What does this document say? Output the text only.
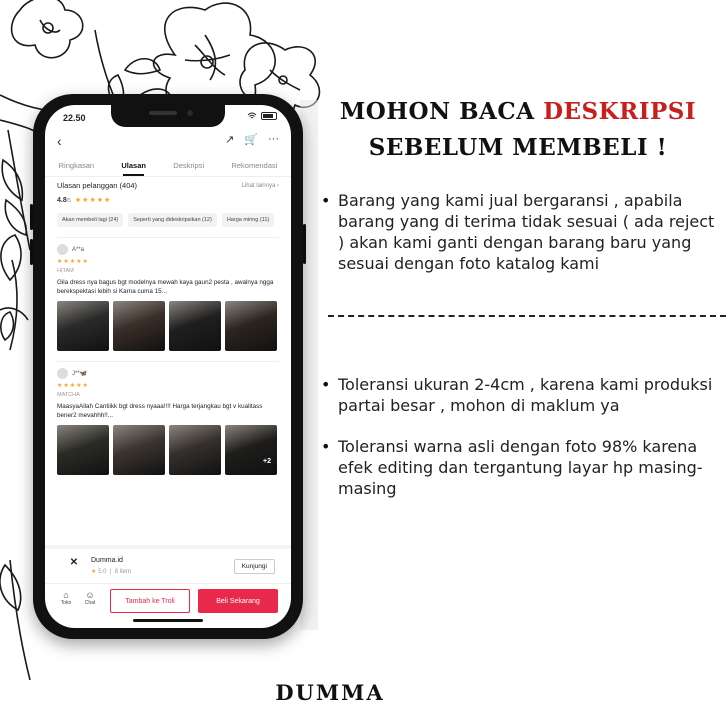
22.50
‹	↗ 🛒 ···
Ringkasan	Ulasan	Deskripsi	Rekomendasi
Ulasan pelanggan (404)	Lihat lainnya ›
4.8/5 ★★★★★
Akan membeli lagi (24)	Seperti yang dideskripsikan (12)	Harga miring (11)
A**a
★★★★★
HITAM
Gila dress nya bagus bgt modelnya mewah kaya gaun2 pesta , awalnya ngga berekspektasi lebih si Karna cuma 15...
J**🦋
★★★★★
MATCHA
MaasyaAllah Cantiikk bgt dress nyaaa!!!! Harga terjangkau bgt v kualitass bener2 mevahhh!!...
+2
✕	Dumma.id
★ 5.0  |  8 item
Kunjungi
⌂
Toko
☺
Chat	Tambah ke Troli	Beli Sekarang
MOHON BACA DESKRIPSI
SEBELUM MEMBELI !
• Barang yang kami jual bergaransi , apabila barang yang di terima tidak sesuai ( ada reject ) akan kami ganti dengan barang baru yang sesuai dengan foto katalog kami
• Toleransi ukuran 2-4cm , karena kami produksi partai besar , mohon di maklum ya
• Toleransi warna asli dengan foto 98% karena efek editing dan tergantung layar hp masing-masing
DUMMA
